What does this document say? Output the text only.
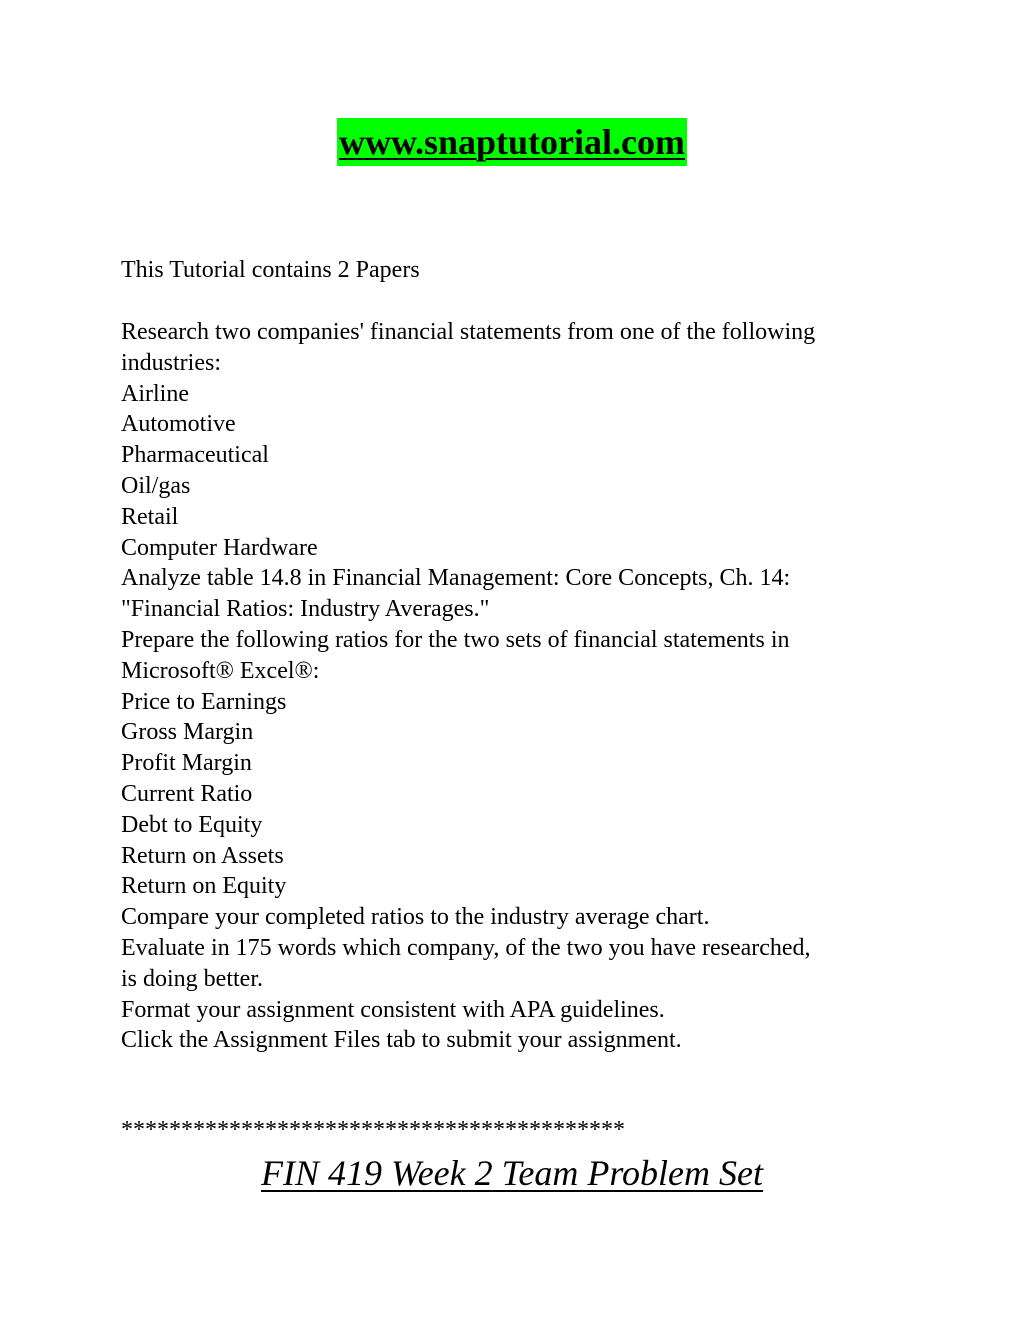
www.snaptutorial.com

This Tutorial contains 2 Papers

Research two companies' financial statements from one of the following
industries:
Airline
Automotive
Pharmaceutical
Oil/gas
Retail
Computer Hardware
Analyze table 14.8 in Financial Management: Core Concepts, Ch. 14:
"Financial Ratios: Industry Averages."
Prepare the following ratios for the two sets of financial statements in
Microsoft® Excel®:
Price to Earnings
Gross Margin
Profit Margin
Current Ratio
Debt to Equity
Return on Assets
Return on Equity
Compare your completed ratios to the industry average chart.
Evaluate in 175 words which company, of the two you have researched,
is doing better.
Format your assignment consistent with APA guidelines.
Click the Assignment Files tab to submit your assignment.

******************************************

FIN 419 Week 2 Team Problem Set
